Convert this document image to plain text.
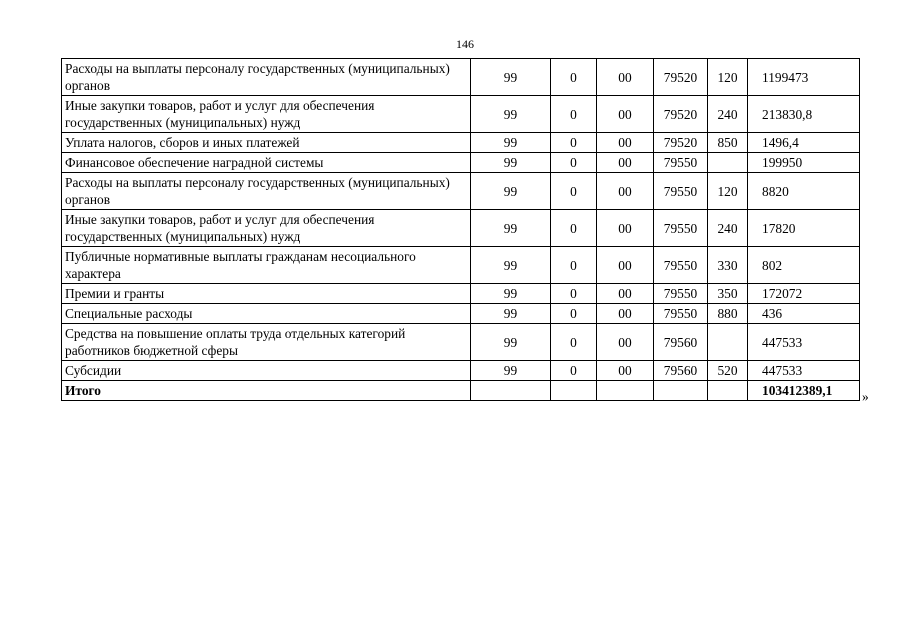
146
Расходы на выплаты персоналу государственных (муниципальных) органов	99	0	00	79520	120	1199473
Иные закупки товаров, работ и услуг для обеспечения государственных (муниципальных) нужд	99	0	00	79520	240	213830,8
Уплата налогов, сборов и иных платежей	99	0	00	79520	850	1496,4
Финансовое обеспечение наградной системы	99	0	00	79550		199950
Расходы на выплаты персоналу государственных (муниципальных) органов	99	0	00	79550	120	8820
Иные закупки товаров, работ и услуг для обеспечения государственных (муниципальных) нужд	99	0	00	79550	240	17820
Публичные нормативные выплаты гражданам несоциального характера	99	0	00	79550	330	802
Премии и гранты	99	0	00	79550	350	172072
Специальные расходы	99	0	00	79550	880	436
Средства на повышение оплаты труда отдельных категорий работников бюджетной сферы	99	0	00	79560		447533
Субсидии	99	0	00	79560	520	447533
Итого						103412389,1 »
